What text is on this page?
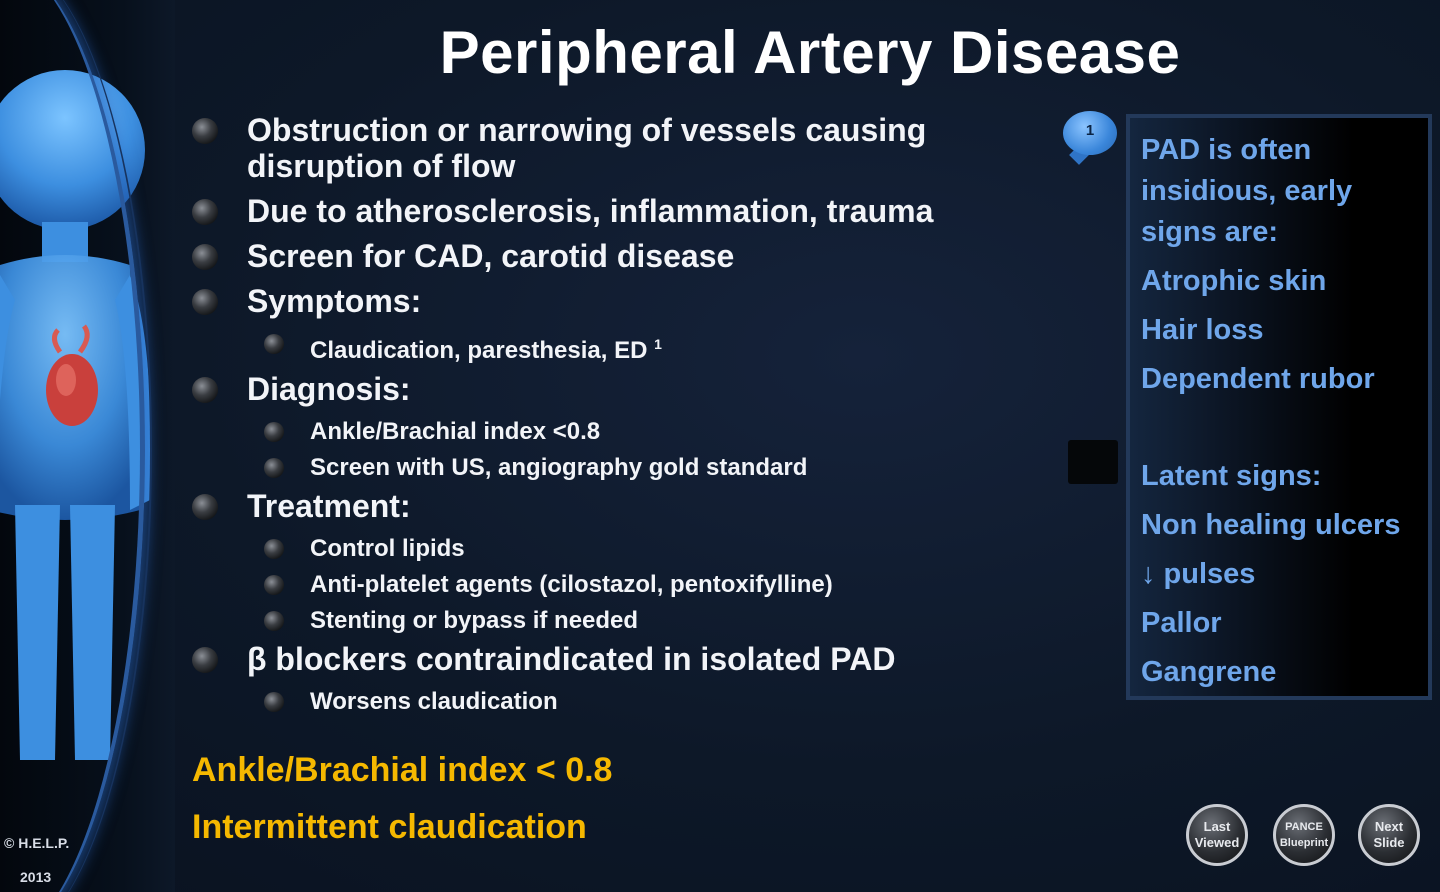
© H.E.L.P.
2013
Peripheral Artery Disease
Obstruction or narrowing of vessels causing disruption of flow
Due to atherosclerosis, inflammation, trauma
Screen for CAD, carotid disease
Symptoms:
Claudication, paresthesia, ED $^1$
Diagnosis:
Ankle/Brachial index <0.8
Screen with US, angiography gold standard
Treatment:
Control lipids
Anti-platelet agents (cilostazol, pentoxifylline)
Stenting or bypass if needed
β blockers contraindicated in isolated PAD
Worsens claudication
Ankle/Brachial index < 0.8
Intermittent claudication
1
PAD is often
insidious, early
signs are:
Atrophic skin
Hair loss
Dependent rubor
Latent signs:
Non healing ulcers
↓ pulses
Pallor
Gangrene
Last Viewed
PANCE Blueprint
Next Slide
